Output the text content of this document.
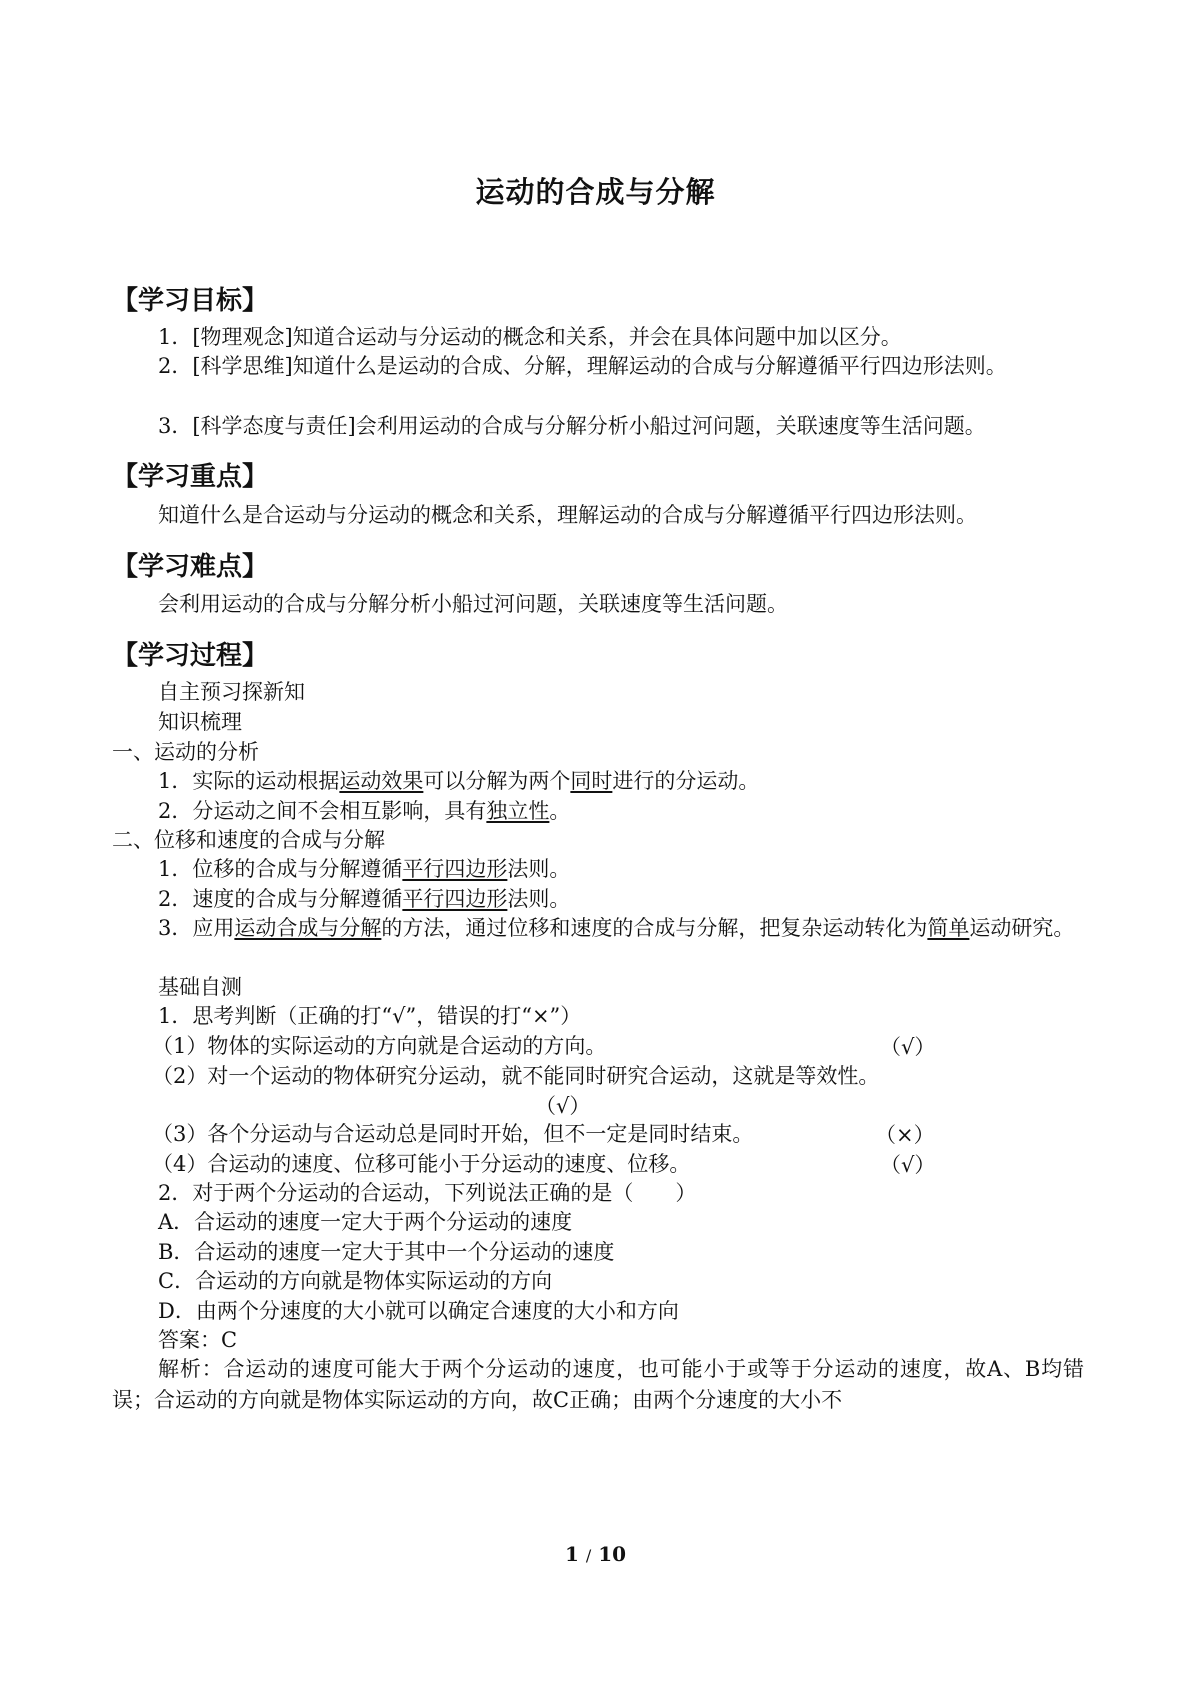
运动的合成与分解
【学习目标】
1．[物理观念]知道合运动与分运动的概念和关系，并会在具体问题中加以区分。
2．[科学思维]知道什么是运动的合成、分解，理解运动的合成与分解遵循平行四边形法则。
3．[科学态度与责任]会利用运动的合成与分解分析小船过河问题，关联速度等生活问题。
【学习重点】
知道什么是合运动与分运动的概念和关系，理解运动的合成与分解遵循平行四边形法则。
【学习难点】
会利用运动的合成与分解分析小船过河问题，关联速度等生活问题。
【学习过程】
自主预习探新知
知识梳理
一、运动的分析
1．实际的运动根据运动效果可以分解为两个同时进行的分运动。
2．分运动之间不会相互影响，具有独立性。
二、位移和速度的合成与分解
1．位移的合成与分解遵循平行四边形法则。
2．速度的合成与分解遵循平行四边形法则。
3．应用运动合成与分解的方法，通过位移和速度的合成与分解，把复杂运动转化为简单运动研究。
基础自测
1．思考判断（正确的打“√”，错误的打“×”）
（1）物体的实际运动的方向就是合运动的方向。	（√）
（2）对一个运动的物体研究分运动，就不能同时研究合运动，这就是等效性。
（√）
（3）各个分运动与合运动总是同时开始，但不一定是同时结束。	（×）
（4）合运动的速度、位移可能小于分运动的速度、位移。	（√）
2．对于两个分运动的合运动，下列说法正确的是（　　）
A．合运动的速度一定大于两个分运动的速度
B．合运动的速度一定大于其中一个分运动的速度
C．合运动的方向就是物体实际运动的方向
D．由两个分速度的大小就可以确定合速度的大小和方向
答案：C
解析：合运动的速度可能大于两个分运动的速度，也可能小于或等于分运动的速度，故A、B均错误；合运动的方向就是物体实际运动的方向，故C正确；由两个分速度的大小不
1 / 10
